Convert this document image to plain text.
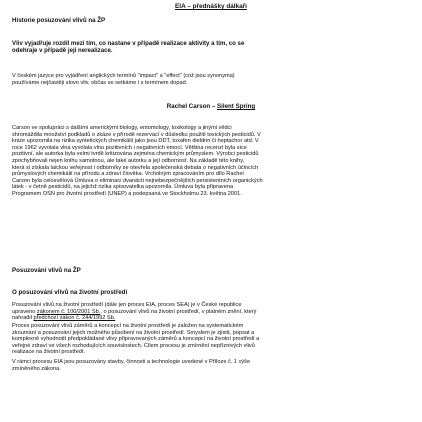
EIA – přednášky dálkaři
Historie posuzování vlivů na ŽP

Vliv vyjadřuje rozdíl mezi tím, co nastane v případě realizace aktivity a tím, co se

odehraje v případě její nerealizace.

V českém jazyce pro vyjádření anglických termínů "impact" a "effect" (což jsou synonyma)

používáme nejčastěji slovo vliv, občas se setkáme i s termínem dopad.

Rachel Carson – Silent Spring

Carson ve spolupráci s dalšími americkými biology, entomology, toxikology a jinými vědci

shromáždila množství podkladů o zkáze v přírodě rezervací v důsledku použití toxických pesticidů. V

knize upozornila na rizika syntetických chemikálií jako jsou DDT, toxafen dieldrin či heptachor atd. V

roce 1962 vyvolala vlna vyvolala vlnu pozitivních i negativních emocí. Většina recenzí byla sice

pozitivní, ale autorka byla velmi tvrdě kritizována zejména chemickým průmyslem. Výrobci pesticidů

zpochybňovali nejen knihu samotnou, ale také autorku a její odbornost. Na základě této knihy,

která si získala laickou veřejnost i odborníky se otevřela společenská debata o negativních účincích

průmyslových chemikálií na přírodu a zdraví člověka. Vrcholným zpracováním pro dílo Rachel

Carson byla celosvětová Úmluva o eliminaci dvanácti nejnebezpečnějších persistentních organických

látek - v četně pesticidů, na jejichž rizika spisovatelka upozornila. Úmluva byla připravena

Programem OSN pro životní prostředí (UNEP) a podepsaná ve Stockholmu 23. května 2001.

Posuzování vlivů na ŽP
O posuzování vlivů na životní prostředí

Posuzování vlivů na životní prostředí (dále jen proces EIA, proces SEA) je v České republice

upraveno zákonem č. 100/2001 Sb., o posuzování vlivů na životní prostředí, v platném znění, který

nahradil předchozí zákon č. 244/1992 Sb.

Proces posuzování vlivů záměrů a koncepcí na životní prostředí je založen na systematickém

zkoumání a posuzování jejich možného působení na životní prostředí. Smyslem je zjistit, popsat a

komplexně vyhodnotit předpokládané vlivy připravovaných záměrů a koncepcí na životní prostředí a

veřejné zdraví ve všech rozhodujících souvislostech. Cílem procesu je zmírnění nepříznivých vlivů

realizace na životní prostředí.

V rámci procesu EIA jsou posuzovány stavby, činnosti a technologie uvedené v Příloze č. 1 výše

zmíněného zákona.
